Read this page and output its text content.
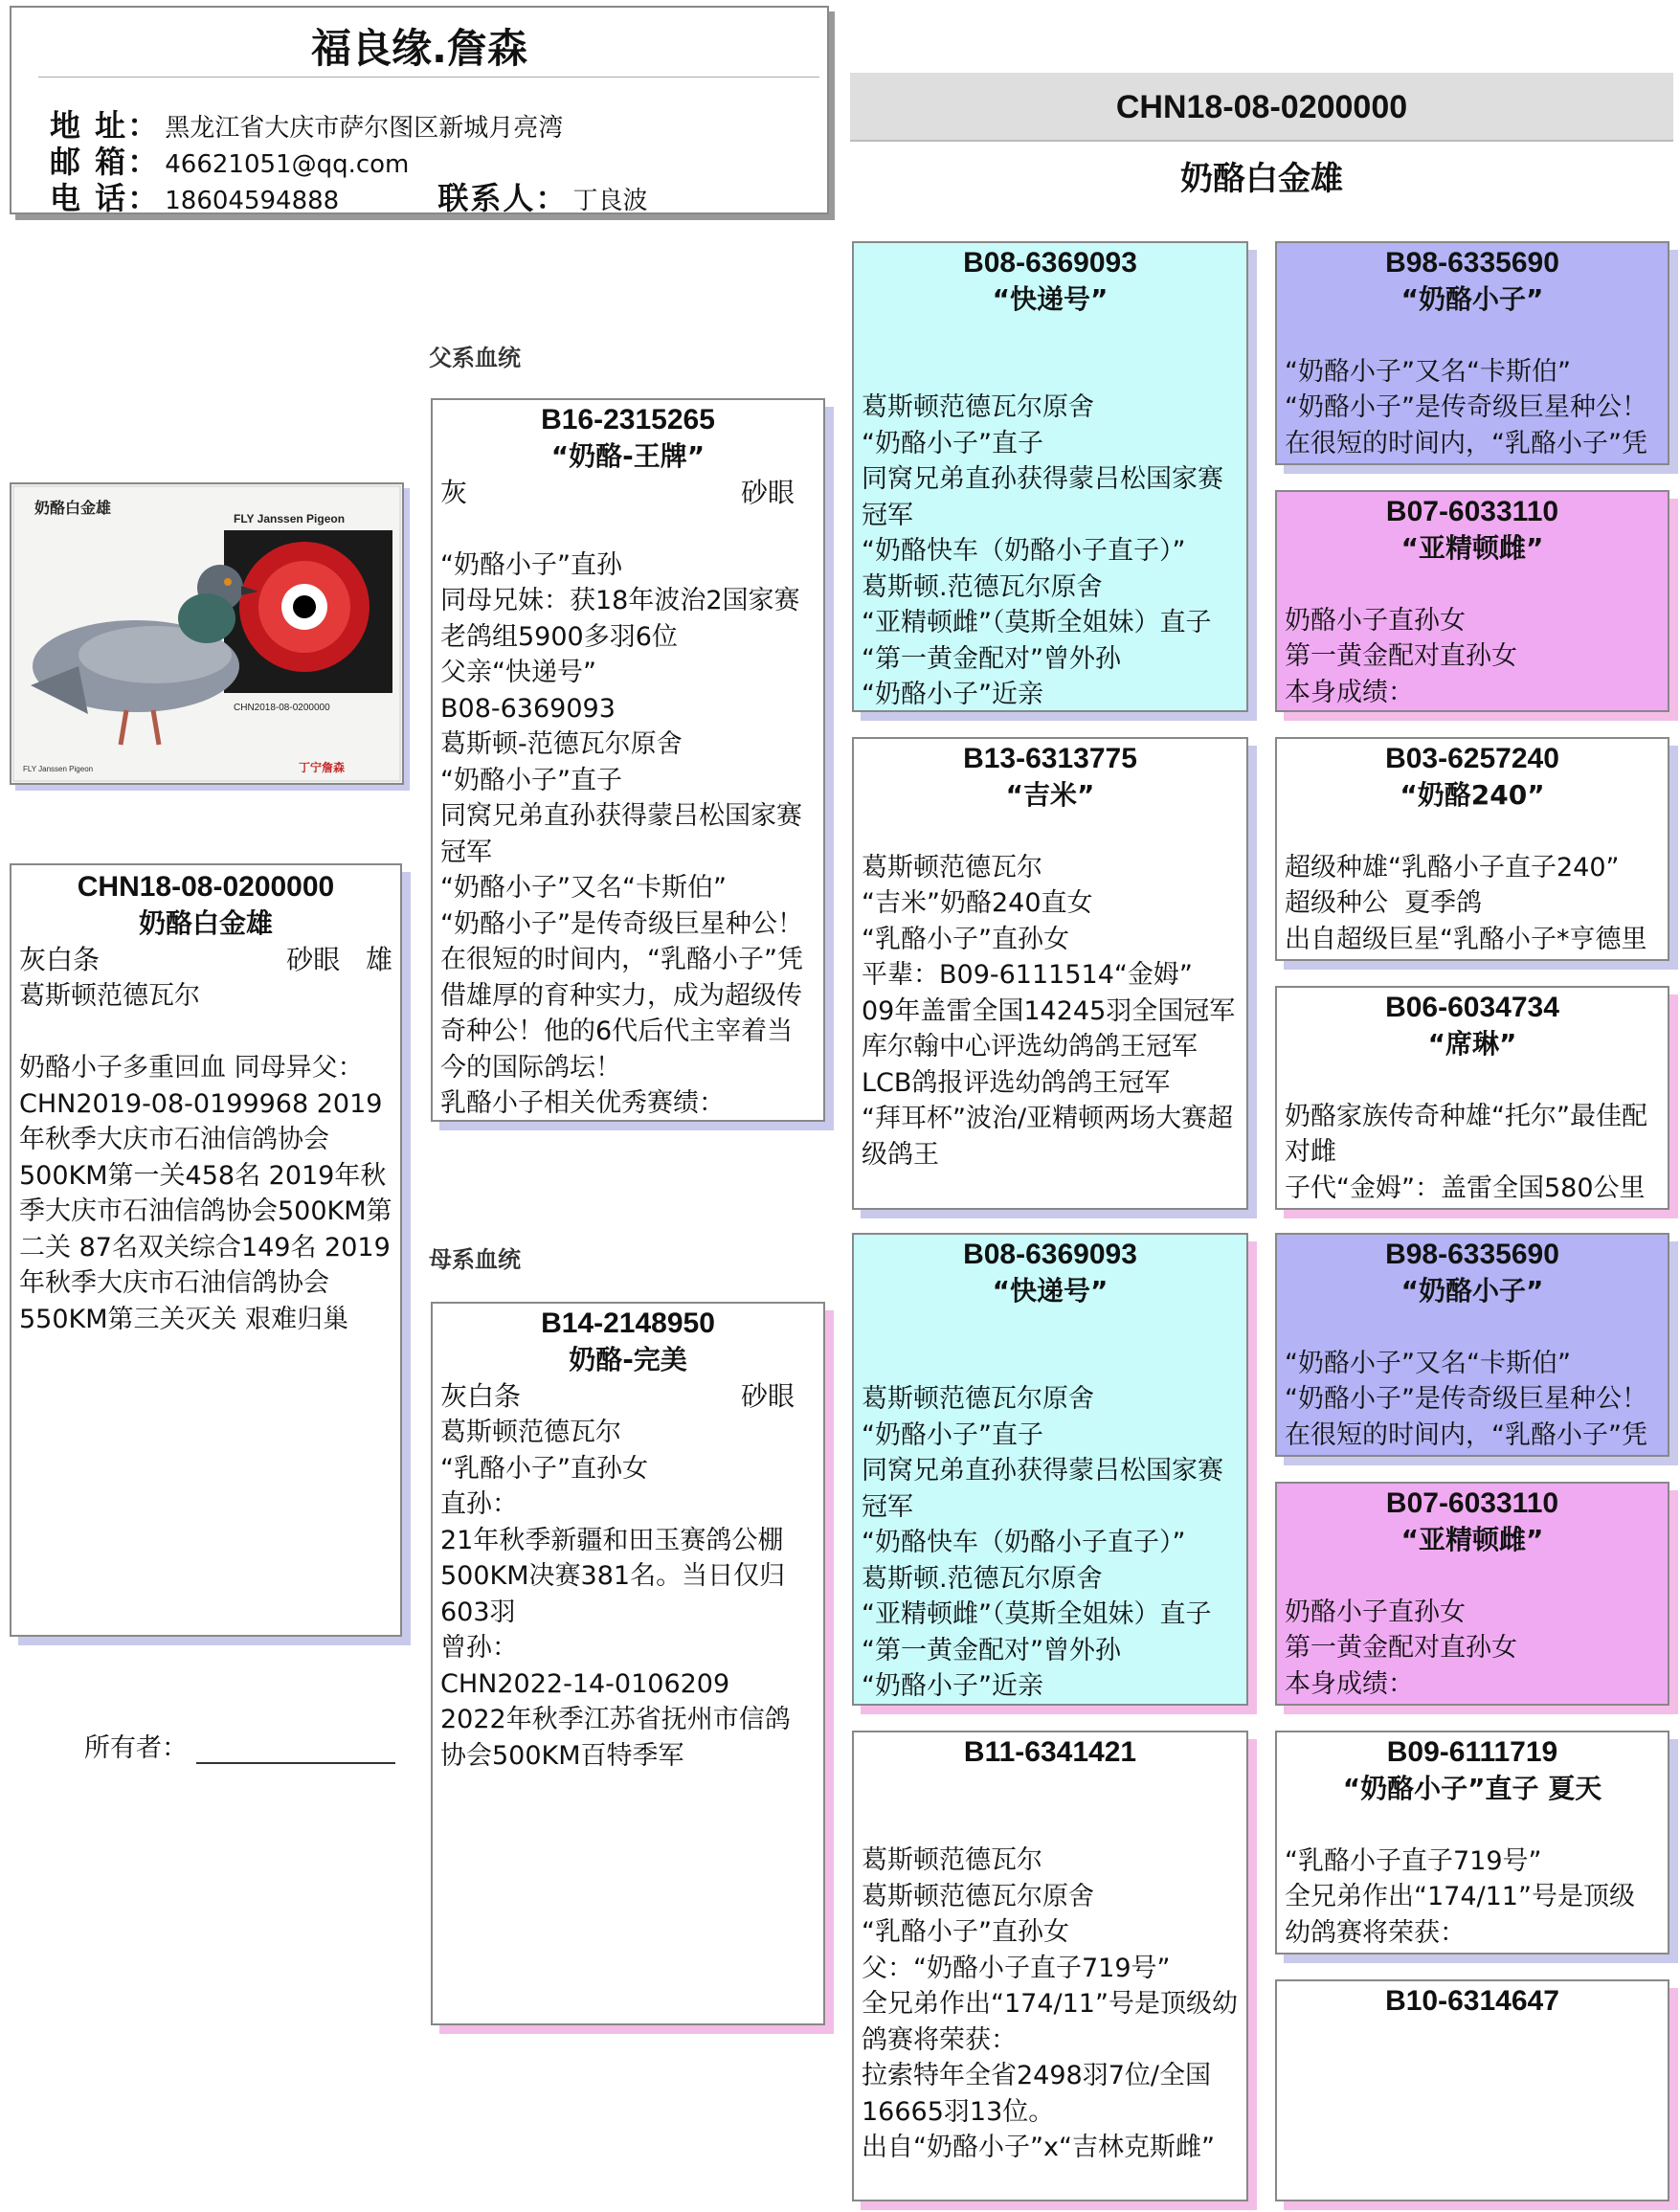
福良缘.詹森
地 址： 黑龙江省大庆市萨尔图区新城月亮湾
邮 箱： 46621051@qq.com
电 话： 18604594888	联系人： 丁良波
CHN18-08-0200000
奶酪白金雄
父系血统
母系血统
奶酪白金雄
FLY Janssen Pigeon
CHN2018-08-0200000
FLY Janssen Pigeon	丁宁詹森
CHN18-08-0200000
奶酪白金雄
灰白条	砂眼 雄
葛斯顿范德瓦尔

奶酪小子多重回血 同母异父：CHN2019-08-0199968 2019年秋季大庆市石油信鸽协会500KM第一关458名 2019年秋季大庆市石油信鸽协会500KM第二关 87名双关综合149名 2019年秋季大庆市石油信鸽协会550KM第三关灭关 艰难归巢
所有者：
B16-2315265
“奶酪-王牌”
灰	砂眼

“奶酪小子”直孙
同母兄妹：获18年波治2国家赛老鸽组5900多羽6位
父亲“快递号”
B08-6369093
葛斯顿-范德瓦尔原舍
“奶酪小子”直子
同窝兄弟直孙获得蒙吕松国家赛冠军
“奶酪小子”又名“卡斯伯”
“奶酪小子”是传奇级巨星种公！在很短的时间内，“乳酪小子”凭借雄厚的育种实力，成为超级传奇种公！他的6代后代主宰着当今的国际鸽坛！
乳酪小子相关优秀赛绩：
B14-2148950
奶酪-完美
灰白条	砂眼
葛斯顿范德瓦尔
“乳酪小子”直孙女
直孙：
21年秋季新疆和田玉赛鸽公棚500KM决赛381名。当日仅归603羽
曾孙：
CHN2022-14-0106209
2022年秋季江苏省抚州市信鸽协会500KM百特季军
B08-6369093
“快递号”

葛斯顿范德瓦尔原舍
“奶酪小子”直子
同窝兄弟直孙获得蒙吕松国家赛冠军
“奶酪快车（奶酪小子直子）”
葛斯顿.范德瓦尔原舍
“亚精顿雌”（莫斯全姐妹）直子
“第一黄金配对”曾外孙
“奶酪小子”近亲
B13-6313775
“吉米”

葛斯顿范德瓦尔
“吉米”奶酪240直女
“乳酪小子”直孙女
平辈：B09-6111514“金姆”
09年盖雷全国14245羽全国冠军
库尔翰中心评选幼鸽鸽王冠军
LCB鸽报评选幼鸽鸽王冠军
“拜耳杯”波治/亚精顿两场大赛超级鸽王
B08-6369093
“快递号”

葛斯顿范德瓦尔原舍
“奶酪小子”直子
同窝兄弟直孙获得蒙吕松国家赛冠军
“奶酪快车（奶酪小子直子）”
葛斯顿.范德瓦尔原舍
“亚精顿雌”（莫斯全姐妹）直子
“第一黄金配对”曾外孙
“奶酪小子”近亲
B11-6341421

葛斯顿范德瓦尔
葛斯顿范德瓦尔原舍
“乳酪小子”直孙女
父：“奶酪小子直子719号”
全兄弟作出“174/11”号是顶级幼鸽赛将荣获：
拉索特年全省2498羽7位/全国16665羽13位。
出自“奶酪小子”x“吉林克斯雌”
B98-6335690
“奶酪小子”

“奶酪小子”又名“卡斯伯”
“奶酪小子”是传奇级巨星种公！
在很短的时间内，“乳酪小子”凭
B07-6033110
“亚精顿雌”

奶酪小子直孙女
第一黄金配对直孙女
本身成绩：
B03-6257240
“奶酪240”

超级种雄“乳酪小子直子240”
超级种公  夏季鸽
出自超级巨星“乳酪小子*亨德里
B06-6034734
“席琳”

奶酪家族传奇种雄“托尔”最佳配对雌
子代“金姆”：盖雷全国580公里
B98-6335690
“奶酪小子”

“奶酪小子”又名“卡斯伯”
“奶酪小子”是传奇级巨星种公！
在很短的时间内，“乳酪小子”凭
B07-6033110
“亚精顿雌”

奶酪小子直孙女
第一黄金配对直孙女
本身成绩：
B09-6111719
“奶酪小子”直子 夏天

“乳酪小子直子719号”
全兄弟作出“174/11”号是顶级幼鸽赛将荣获：
B10-6314647
